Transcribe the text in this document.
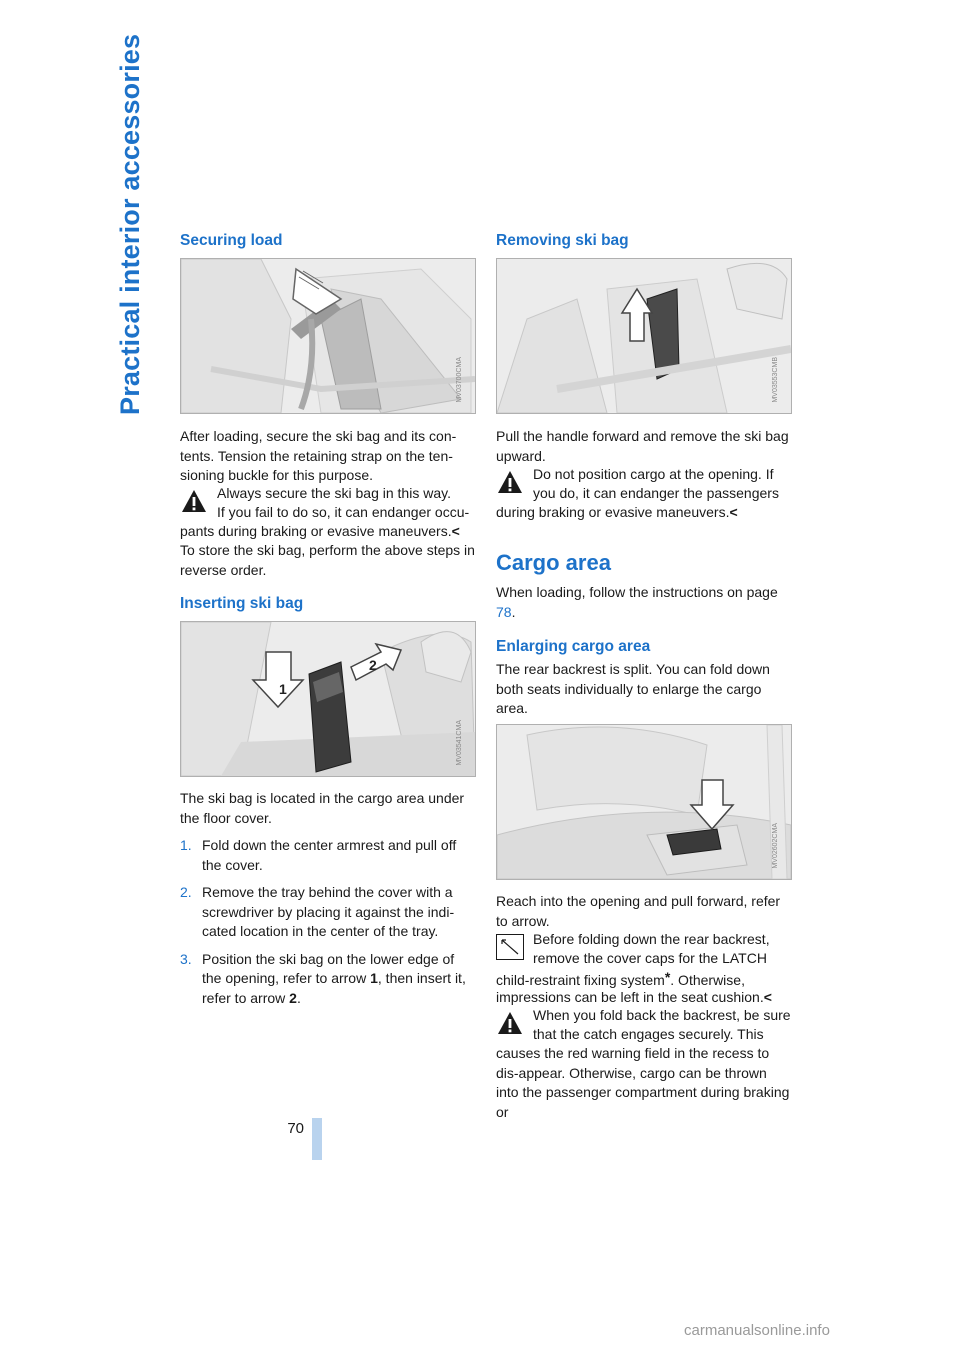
Practical interior accessories
70
Securing load
MV03700CMA

After loading, secure the ski bag and its con-tents. Tension the retaining strap on the ten-sioning buckle for this purpose.

Always secure the ski bag in this way.
If you fail to do so, it can endanger occu-
pants during braking or evasive maneuvers.<

To store the ski bag, perform the above steps in reverse order.

Inserting ski bag
1
2
MV03541CMA

The ski bag is located in the cargo area under the floor cover.

1. Fold down the center armrest and pull off the cover.
2. Remove the tray behind the cover with a screwdriver by placing it against the indi-cated location in the center of the tray.
3. Position the ski bag on the lower edge of the opening, refer to arrow 1, then insert it, refer to arrow 2.
Removing ski bag
MV03553CMB

Pull the handle forward and remove the ski bag upward.

Do not position cargo at the opening. If
you do, it can endanger the passengers
during braking or evasive maneuvers.<
Cargo area

When loading, follow the instructions on page 78.

Enlarging cargo area

The rear backrest is split. You can fold down both seats individually to enlarge the cargo area.

MV02602CMA

Reach into the opening and pull forward, refer to arrow.

Before folding down the rear backrest,
remove the cover caps for the LATCH
child-restraint fixing system*. Otherwise,
impressions can be left in the seat cushion.<
When you fold back the backrest, be sure
that the catch engages securely. This
causes the red warning field in the recess to dis-appear. Otherwise, cargo can be thrown into the passenger compartment during braking or
carmanualsonline.info
